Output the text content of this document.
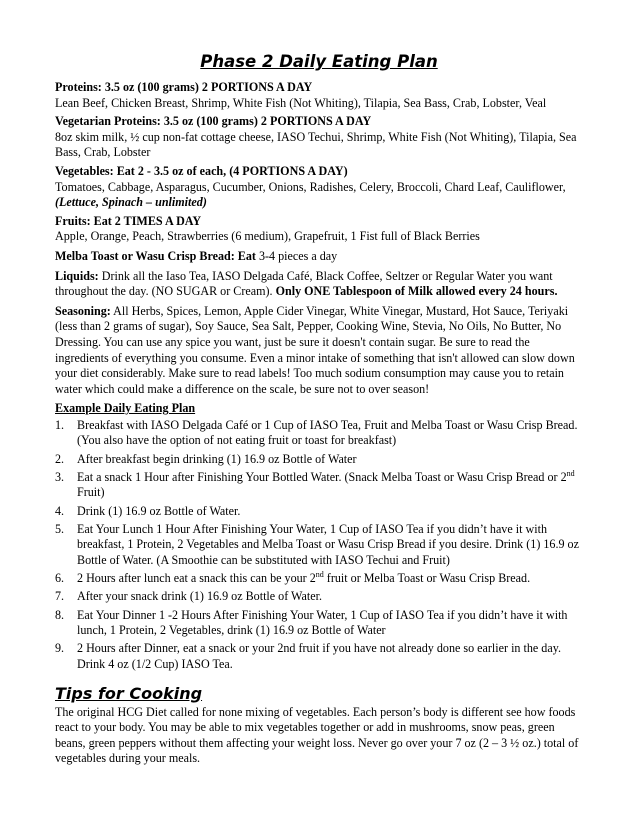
Phase 2 Daily Eating Plan

Proteins: 3.5 oz (100 grams) 2 PORTIONS A DAY

Lean Beef, Chicken Breast, Shrimp, White Fish (Not Whiting), Tilapia, Sea Bass, Crab, Lobster, Veal

Vegetarian Proteins: 3.5 oz (100 grams) 2 PORTIONS A DAY

8oz skim milk, ½ cup non-fat cottage cheese, IASO Techui, Shrimp, White Fish (Not Whiting), Tilapia, Sea Bass, Crab, Lobster

Vegetables: Eat 2 - 3.5 oz of each, (4 PORTIONS A DAY)

Tomatoes, Cabbage, Asparagus, Cucumber, Onions, Radishes, Celery, Broccoli, Chard Leaf, Cauliflower, (Lettuce, Spinach – unlimited)

Fruits: Eat 2 TIMES A DAY

Apple, Orange, Peach, Strawberries (6 medium), Grapefruit, 1 Fist full of Black Berries

Melba Toast or Wasu Crisp Bread: Eat 3-4 pieces a day

Liquids: Drink all the Iaso Tea, IASO Delgada Café, Black Coffee, Seltzer or Regular Water you want throughout the day. (NO SUGAR or Cream). Only ONE Tablespoon of Milk allowed every 24 hours.

Seasoning: All Herbs, Spices, Lemon, Apple Cider Vinegar, White Vinegar, Mustard, Hot Sauce, Teriyaki (less than 2 grams of sugar), Soy Sauce, Sea Salt, Pepper, Cooking Wine, Stevia, No Oils, No Butter, No Dressing. You can use any spice you want, just be sure it doesn't contain sugar. Be sure to read the ingredients of everything you consume. Even a minor intake of something that isn't allowed can slow down your diet considerably. Make sure to read labels! Too much sodium consumption may cause you to retain water which could make a difference on the scale, be sure not to over season!

Example Daily Eating Plan

1. Breakfast with IASO Delgada Café or 1 Cup of IASO Tea, Fruit and Melba Toast or Wasu Crisp Bread. (You also have the option of not eating fruit or toast for breakfast)
2. After breakfast begin drinking (1) 16.9 oz Bottle of Water
3. Eat a snack 1 Hour after Finishing Your Bottled Water. (Snack Melba Toast or Wasu Crisp Bread or 2nd Fruit)
4. Drink (1) 16.9 oz Bottle of Water.
5. Eat Your Lunch 1 Hour After Finishing Your Water, 1 Cup of IASO Tea if you didn’t have it with breakfast, 1 Protein, 2 Vegetables and Melba Toast or Wasu Crisp Bread if you desire. Drink (1) 16.9 oz Bottle of Water. (A Smoothie can be substituted with IASO Techui and Fruit)
6. 2 Hours after lunch eat a snack this can be your 2nd fruit or Melba Toast or Wasu Crisp Bread.
7. After your snack drink (1) 16.9 oz Bottle of Water.
8. Eat Your Dinner 1 -2 Hours After Finishing Your Water, 1 Cup of IASO Tea if you didn’t have it with lunch, 1 Protein, 2 Vegetables, drink (1) 16.9 oz Bottle of Water
9. 2 Hours after Dinner, eat a snack or your 2nd fruit if you have not already done so earlier in the day. Drink 4 oz (1/2 Cup) IASO Tea.
Tips for Cooking

The original HCG Diet called for none mixing of vegetables. Each person’s body is different see how foods react to your body. You may be able to mix vegetables together or add in mushrooms, snow peas, green beans, green peppers without them affecting your weight loss. Never go over your 7 oz (2 – 3 ½ oz.) total of vegetables during your meals.
